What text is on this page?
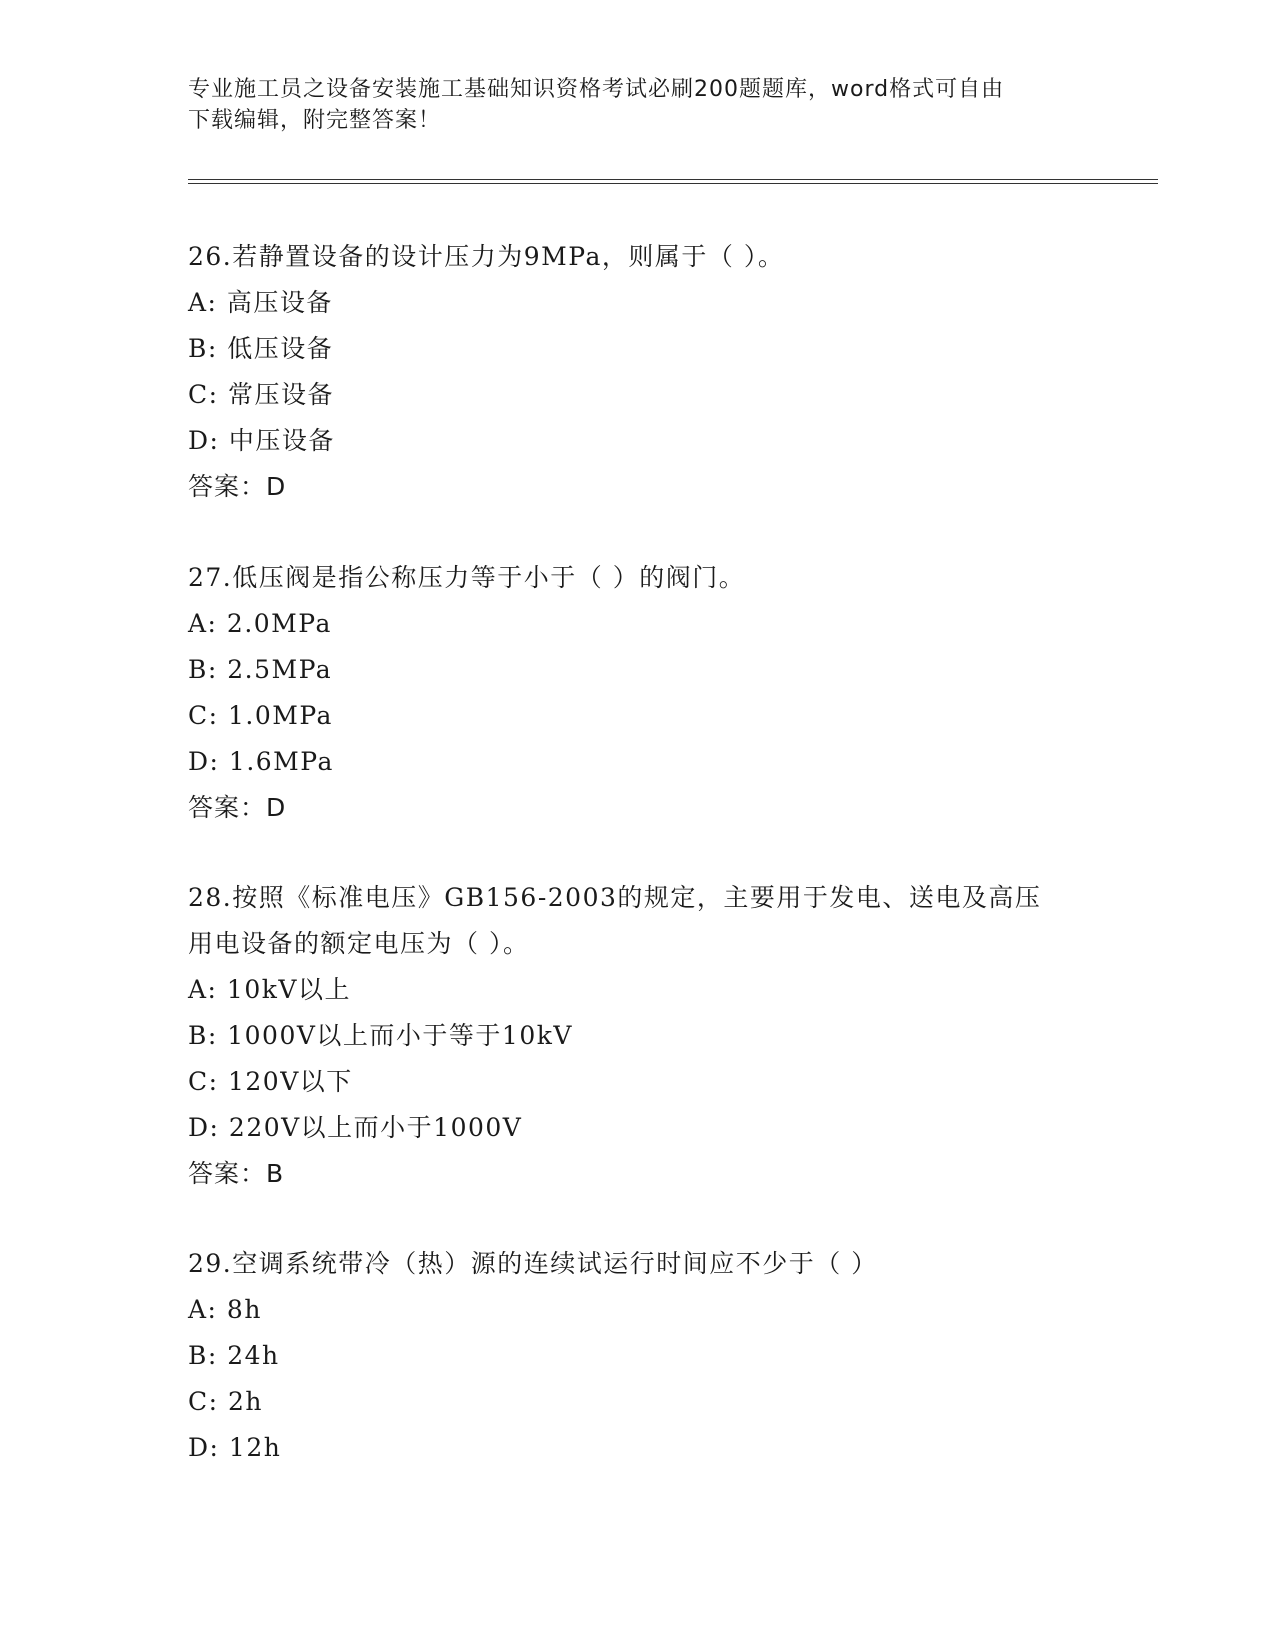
专业施工员之设备安装施工基础知识资格考试必刷200题题库，word格式可自由
下载编辑，附完整答案！
26.若静置设备的设计压力为9MPa，则属于（ ）。
A: 高压设备
B: 低压设备
C: 常压设备
D: 中压设备
答案：D
27.低压阀是指公称压力等于小于（ ）的阀门。
A: 2.0MPa
B: 2.5MPa
C: 1.0MPa
D: 1.6MPa
答案：D
28.按照《标准电压》GB156-2003的规定，主要用于发电、送电及高压
用电设备的额定电压为（ ）。
A: 10kV以上
B: 1000V以上而小于等于10kV
C: 120V以下
D: 220V以上而小于1000V
答案：B
29.空调系统带冷（热）源的连续试运行时间应不少于（ ）
A: 8h
B: 24h
C: 2h
D: 12h
